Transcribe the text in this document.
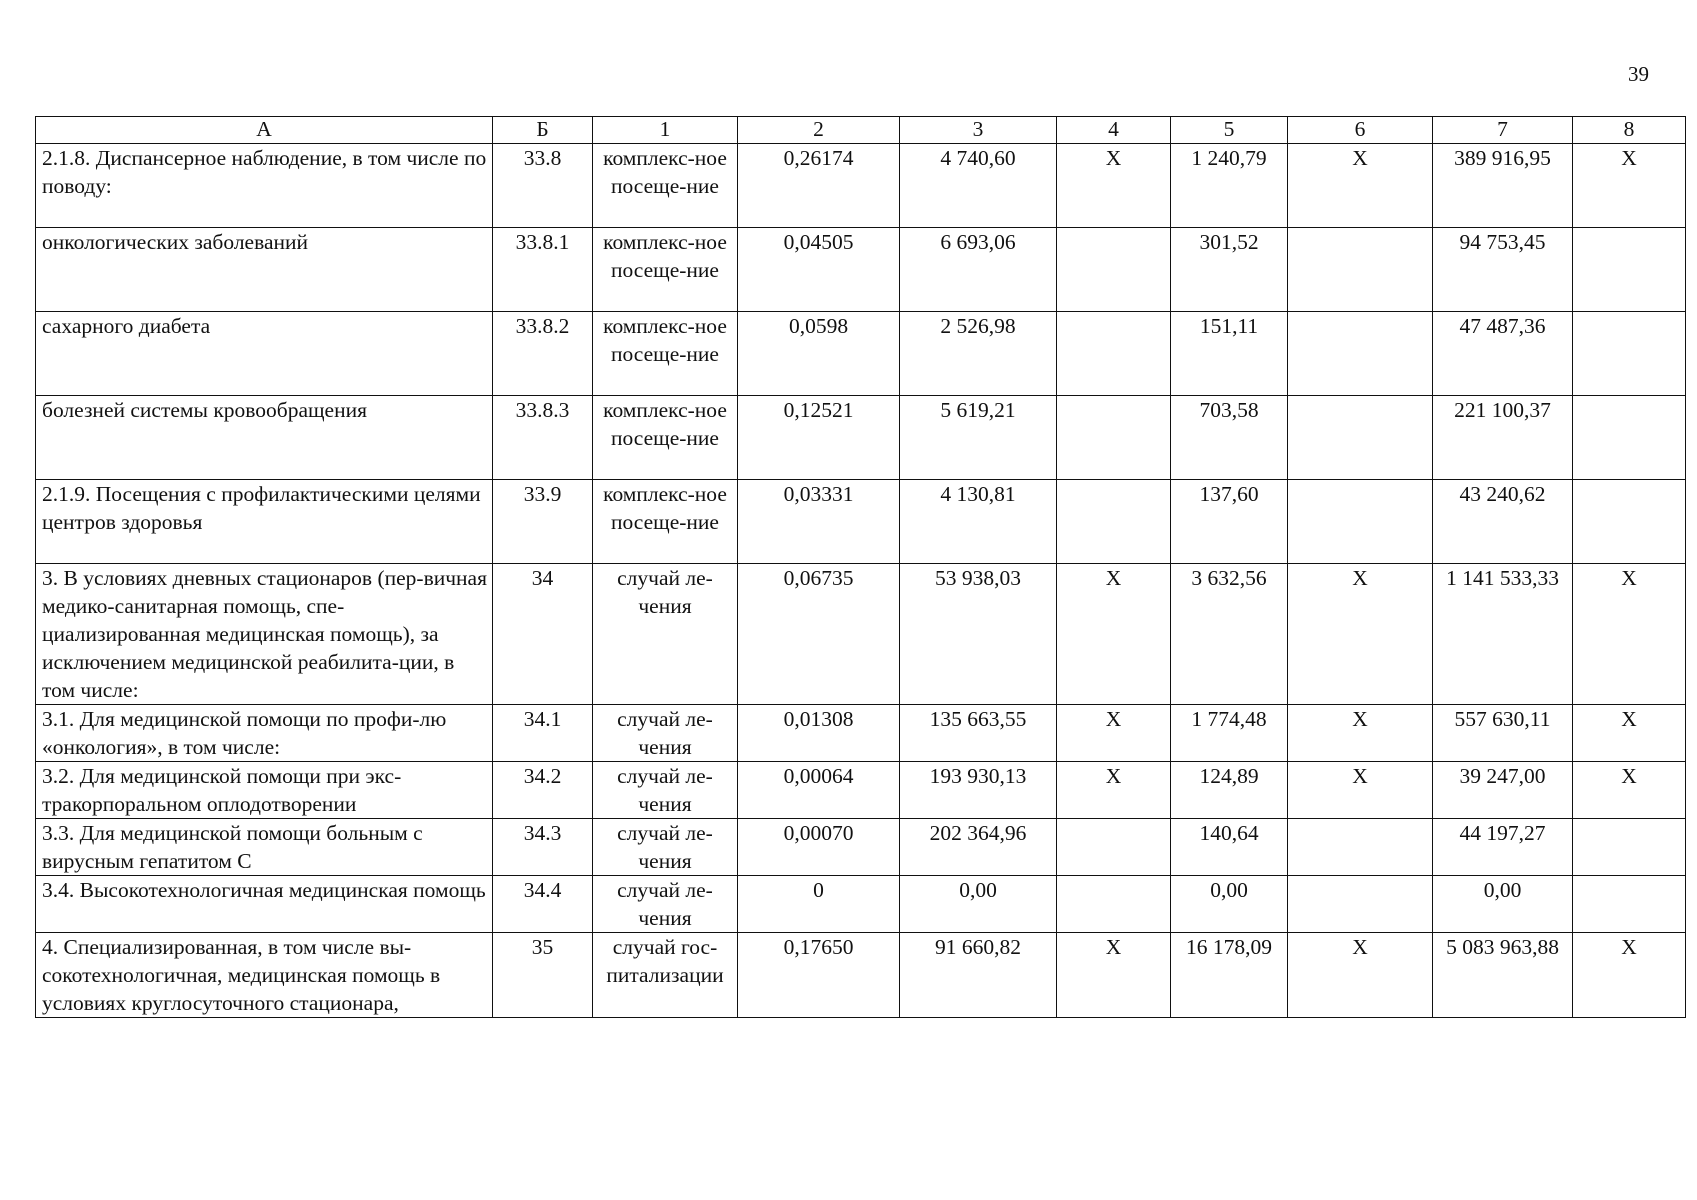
39
А	Б	1	2	3	4	5	6	7	8
2.1.8. Диспансерное наблюдение, в том числе по поводу:	33.8	комплекс-ное посеще-ние	0,26174	4 740,60	Х	1 240,79	Х	389 916,95	Х
онкологических заболеваний	33.8.1	комплекс-ное посеще-ние	0,04505	6 693,06		301,52		94 753,45	
сахарного диабета	33.8.2	комплекс-ное посеще-ние	0,0598	2 526,98		151,11		47 487,36	
болезней системы кровообращения	33.8.3	комплекс-ное посеще-ние	0,12521	5 619,21		703,58		221 100,37	
2.1.9. Посещения с профилактическими целями центров здоровья	33.9	комплекс-ное посеще-ние	0,03331	4 130,81		137,60		43 240,62	
3. В условиях дневных стационаров (пер-вичная медико-санитарная помощь, спе-циализированная медицинская помощь), за исключением медицинской реабилита-ции, в том числе:	34	случай ле-чения	0,06735	53 938,03	Х	3 632,56	Х	1 141 533,33	Х
3.1. Для медицинской помощи по профи-лю «онкология», в том числе:	34.1	случай ле-чения	0,01308	135 663,55	Х	1 774,48	Х	557 630,11	Х
3.2. Для медицинской помощи при экс-тракорпоральном оплодотворении	34.2	случай ле-чения	0,00064	193 930,13	Х	124,89	Х	39 247,00	Х
3.3. Для медицинской помощи больным с вирусным гепатитом С	34.3	случай ле-чения	0,00070	202 364,96		140,64		44 197,27	
3.4. Высокотехнологичная медицинская помощь	34.4	случай ле-чения	0	0,00		0,00		0,00	
4. Специализированная, в том числе вы-сокотехнологичная, медицинская помощь в условиях круглосуточного стационара,	35	случай гос-питализации	0,17650	91 660,82	Х	16 178,09	Х	5 083 963,88	Х
